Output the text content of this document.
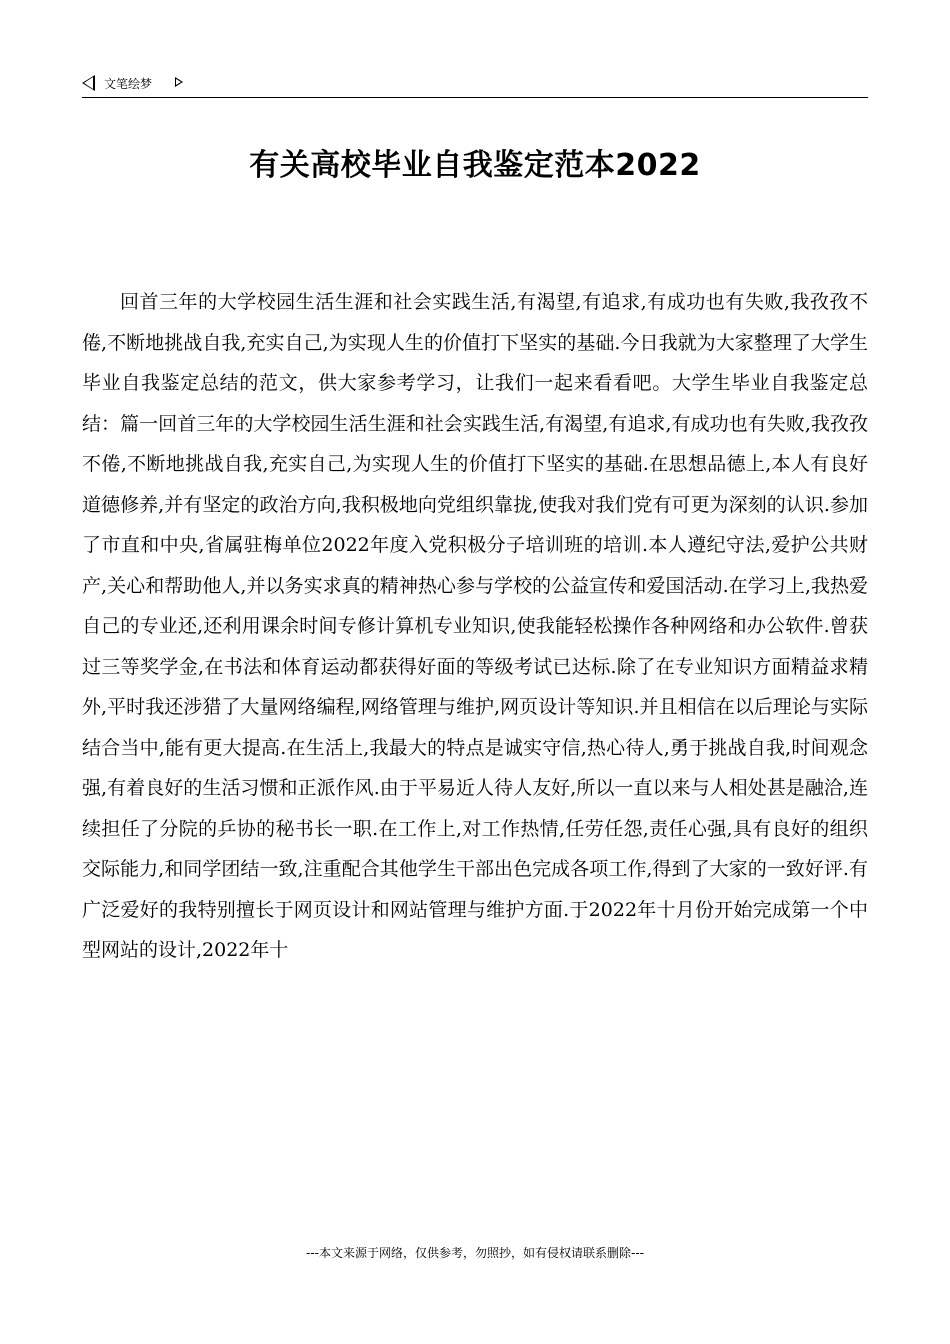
文笔绘梦
有关高校毕业自我鉴定范本2022

回首三年的大学校园生活生涯和社会实践生活,有渴望,有追求,有成功也有失败,我孜孜不倦,不断地挑战自我,充实自己,为实现人生的价值打下坚实的基础.今日我就为大家整理了大学生毕业自我鉴定总结的范文，供大家参考学习，让我们一起来看看吧。大学生毕业自我鉴定总结：篇一回首三年的大学校园生活生涯和社会实践生活,有渴望,有追求,有成功也有失败,我孜孜不倦,不断地挑战自我,充实自己,为实现人生的价值打下坚实的基础.在思想品德上,本人有良好道德修养,并有坚定的政治方向,我积极地向党组织靠拢,使我对我们党有可更为深刻的认识.参加了市直和中央,省属驻梅单位2022年度入党积极分子培训班的培训.本人遵纪守法,爱护公共财产,关心和帮助他人,并以务实求真的精神热心参与学校的公益宣传和爱国活动.在学习上,我热爱自己的专业还,还利用课余时间专修计算机专业知识,使我能轻松操作各种网络和办公软件.曾获过三等奖学金,在书法和体育运动都获得好面的等级考试已达标.除了在专业知识方面精益求精外,平时我还涉猎了大量网络编程,网络管理与维护,网页设计等知识.并且相信在以后理论与实际结合当中,能有更大提高.在生活上,我最大的特点是诚实守信,热心待人,勇于挑战自我,时间观念强,有着良好的生活习惯和正派作风.由于平易近人待人友好,所以一直以来与人相处甚是融洽,连续担任了分院的乒协的秘书长一职.在工作上,对工作热情,任劳任怨,责任心强,具有良好的组织交际能力,和同学团结一致,注重配合其他学生干部出色完成各项工作,得到了大家的一致好评.有广泛爱好的我特别擅长于网页设计和网站管理与维护方面.于2022年十月份开始完成第一个中型网站的设计,2022年十

---本文来源于网络，仅供参考，勿照抄，如有侵权请联系删除---
